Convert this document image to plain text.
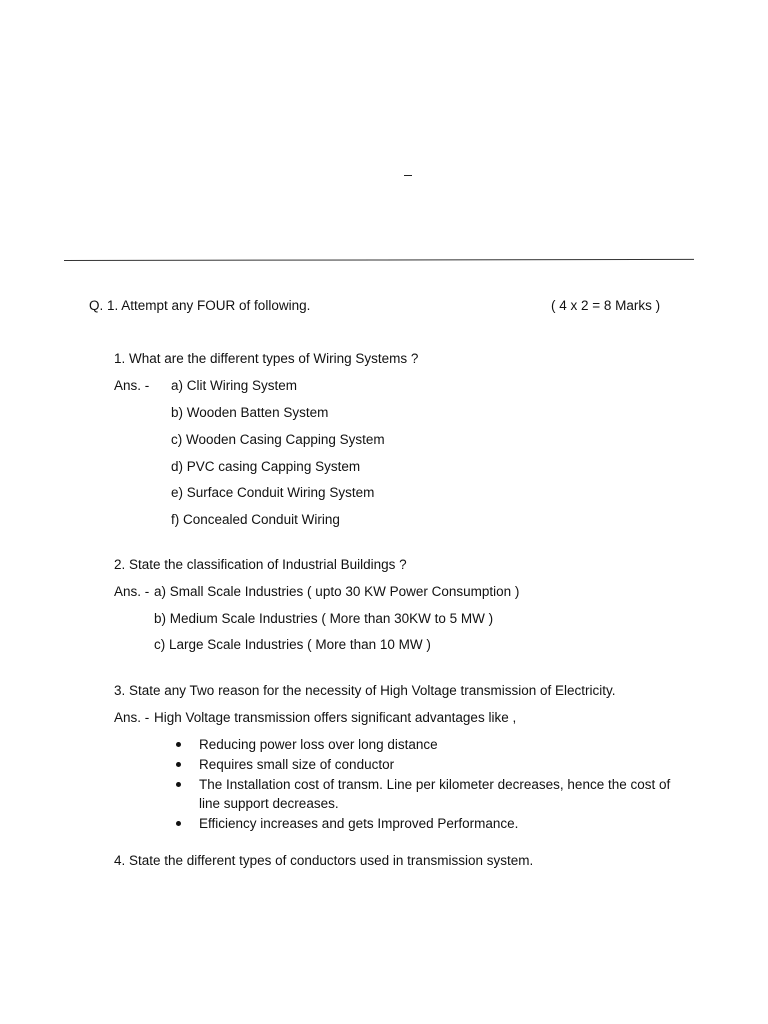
Q. 1. Attempt any FOUR of following.	( 4 x 2 = 8 Marks )
1. What are the different types of Wiring Systems ?
Ans. - a) Clit Wiring System
b) Wooden Batten System
c) Wooden Casing Capping System
d) PVC casing Capping System
e) Surface Conduit Wiring System
f) Concealed Conduit Wiring
2. State the classification of Industrial Buildings ?
Ans. - a) Small Scale Industries ( upto 30 KW Power Consumption )
b) Medium Scale Industries ( More than 30KW to 5 MW )
c) Large Scale Industries ( More than 10 MW )
3. State any Two reason for the necessity of High Voltage transmission of Electricity.
Ans. - High Voltage transmission offers significant advantages like ,
Reducing power loss over long distance
Requires small size of conductor
The Installation cost of transm. Line per kilometer decreases, hence the cost of
line support decreases.
Efficiency increases and gets Improved Performance.
4. State the different types of conductors used in transmission system.
